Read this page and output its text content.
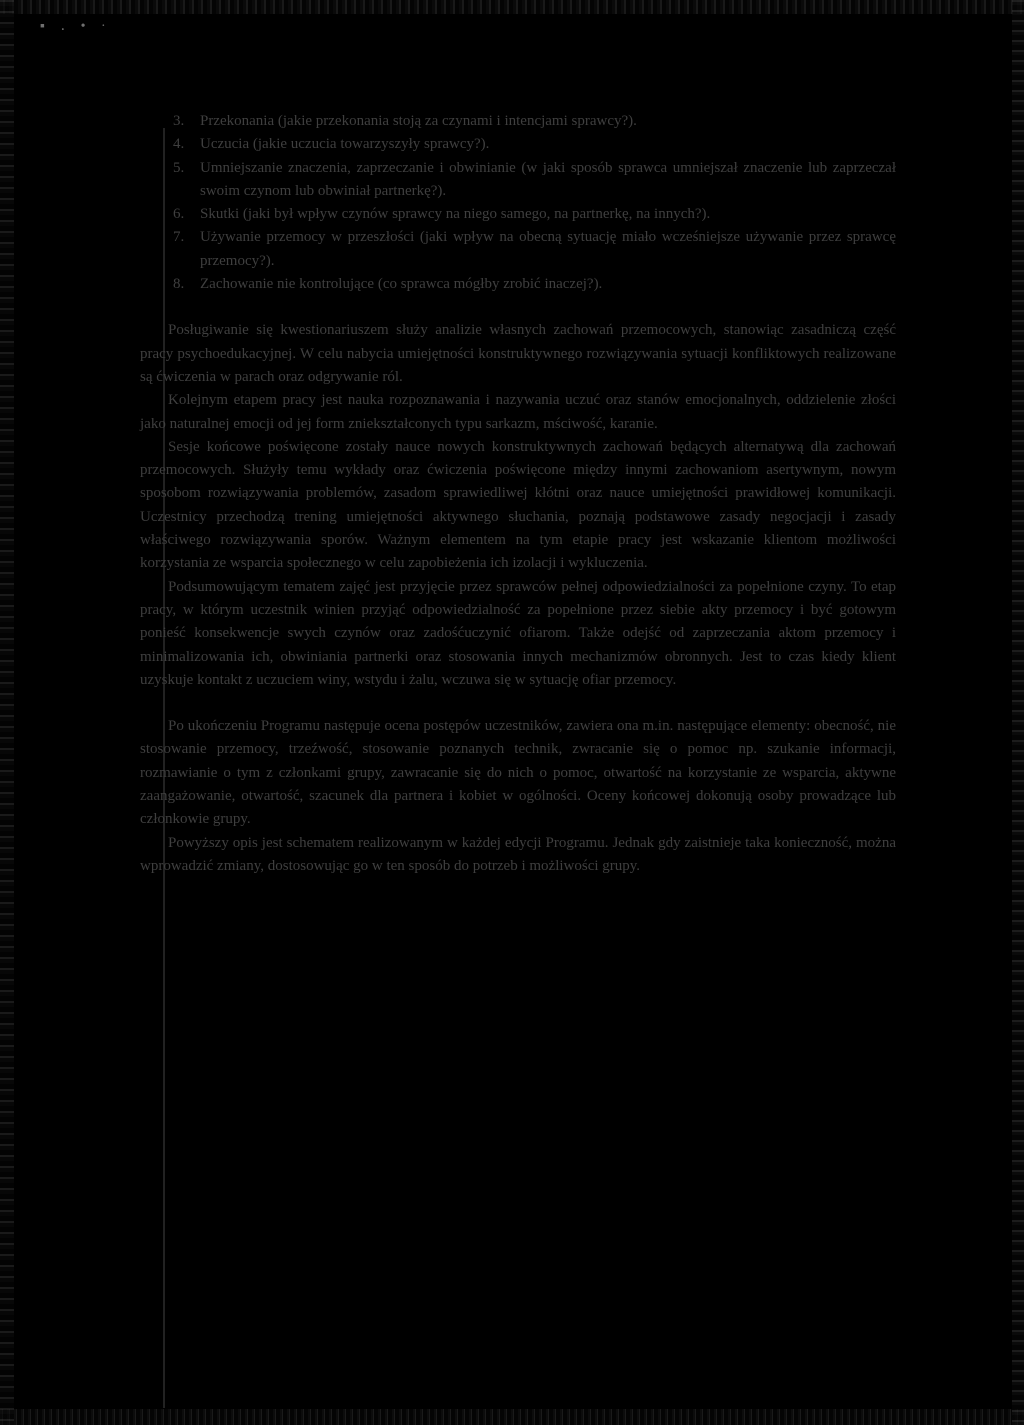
▪ ․ • ·
3. Przekonania (jakie przekonania stoją za czynami i intencjami sprawcy?).
4. Uczucia (jakie uczucia towarzyszyły sprawcy?).
5. Umniejszanie znaczenia, zaprzeczanie i obwinianie (w jaki sposób sprawca umniejszał znaczenie lub zaprzeczał swoim czynom lub obwiniał partnerkę?).
6. Skutki (jaki był wpływ czynów sprawcy na niego samego, na partnerkę, na innych?).
7. Używanie przemocy w przeszłości (jaki wpływ na obecną sytuację miało wcześniejsze używanie przez sprawcę przemocy?).
8. Zachowanie nie kontrolujące (co sprawca mógłby zrobić inaczej?).

Posługiwanie się kwestionariuszem służy analizie własnych zachowań przemocowych, stanowiąc zasadniczą część pracy psychoedukacyjnej. W celu nabycia umiejętności konstruktywnego rozwiązywania sytuacji konfliktowych realizowane są ćwiczenia w parach oraz odgrywanie ról.

Kolejnym etapem pracy jest nauka rozpoznawania i nazywania uczuć oraz stanów emocjonalnych, oddzielenie złości jako naturalnej emocji od jej form zniekształconych typu sarkazm, mściwość, karanie.

Sesje końcowe poświęcone zostały nauce nowych konstruktywnych zachowań będących alternatywą dla zachowań przemocowych. Służyły temu wykłady oraz ćwiczenia poświęcone między innymi zachowaniom asertywnym, nowym sposobom rozwiązywania problemów, zasadom sprawiedliwej kłótni oraz nauce umiejętności prawidłowej komunikacji. Uczestnicy przechodzą trening umiejętności aktywnego słuchania, poznają podstawowe zasady negocjacji i zasady właściwego rozwiązywania sporów. Ważnym elementem na tym etapie pracy jest wskazanie klientom możliwości korzystania ze wsparcia społecznego w celu zapobieżenia ich izolacji i wykluczenia.

Podsumowującym tematem zajęć jest przyjęcie przez sprawców pełnej odpowiedzialności za popełnione czyny. To etap pracy, w którym uczestnik winien przyjąć odpowiedzialność za popełnione przez siebie akty przemocy i być gotowym ponieść konsekwencje swych czynów oraz zadośćuczynić ofiarom. Także odejść od zaprzeczania aktom przemocy i minimalizowania ich, obwiniania partnerki oraz stosowania innych mechanizmów obronnych. Jest to czas kiedy klient uzyskuje kontakt z uczuciem winy, wstydu i żalu, wczuwa się w sytuację ofiar przemocy.

Po ukończeniu Programu następuje ocena postępów uczestników, zawiera ona m.in. następujące elementy: obecność, nie stosowanie przemocy, trzeźwość, stosowanie poznanych technik, zwracanie się o pomoc np. szukanie informacji, rozmawianie o tym z członkami grupy, zawracanie się do nich o pomoc, otwartość na korzystanie ze wsparcia, aktywne zaangażowanie, otwartość, szacunek dla partnera i kobiet w ogólności. Oceny końcowej dokonują osoby prowadzące lub członkowie grupy.

Powyższy opis jest schematem realizowanym w każdej edycji Programu. Jednak gdy zaistnieje taka konieczność, można wprowadzić zmiany, dostosowując go w ten sposób do potrzeb i możliwości grupy.
